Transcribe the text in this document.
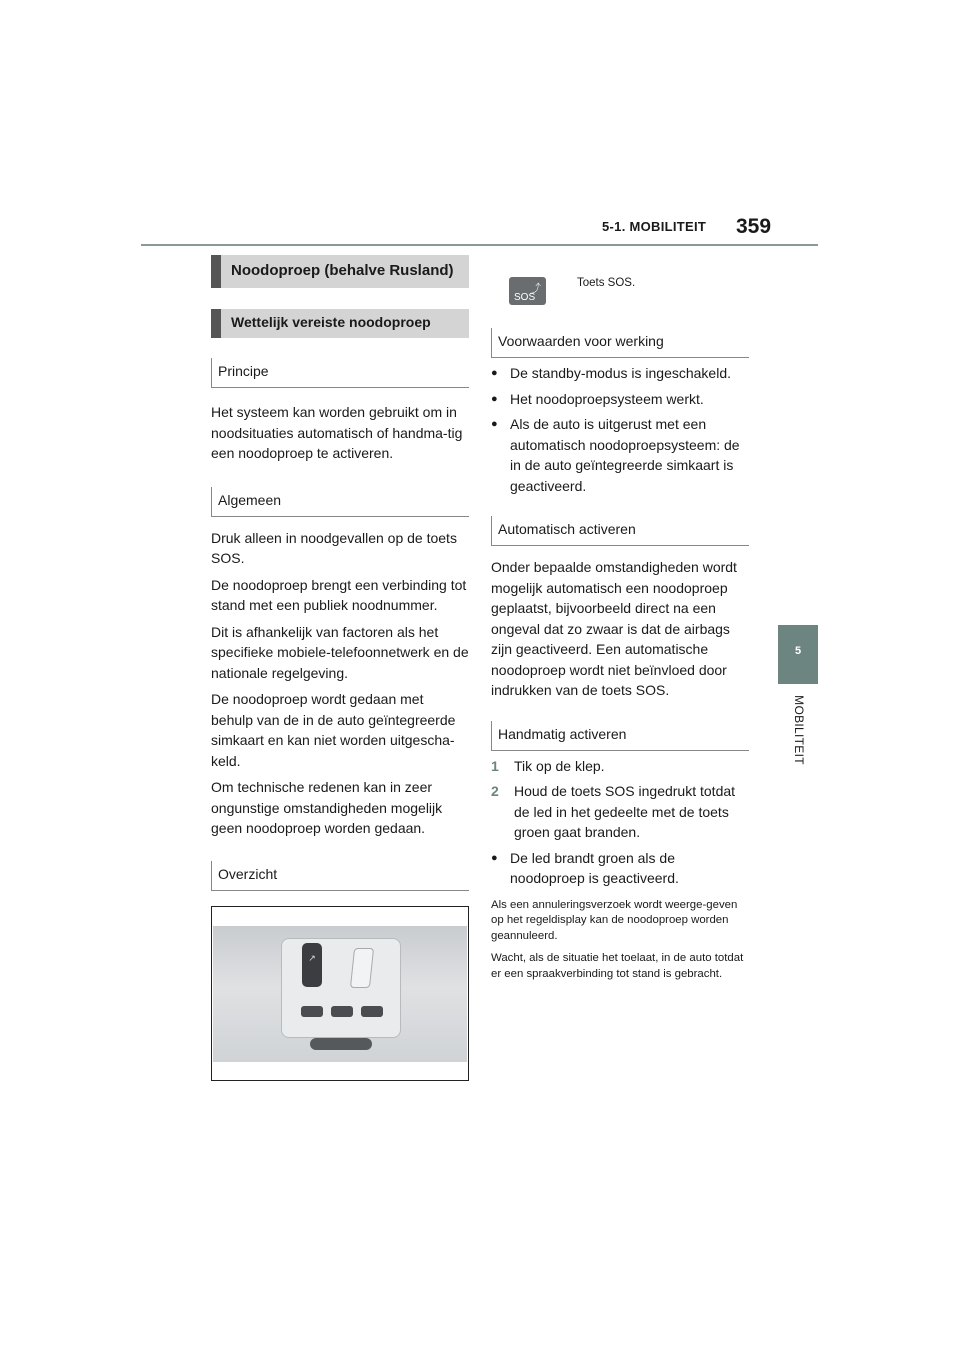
5-1. MOBILITEIT 359
5
MOBILITEIT
Noodoproep (behalve Rusland)
Wettelijk vereiste noodoproep
Principe

Het systeem kan worden gebruikt om in noodsituaties automatisch of handma-tig een noodoproep te activeren.

Algemeen

Druk alleen in noodgevallen op de toets SOS.

De noodoproep brengt een verbinding tot stand met een publiek noodnummer.

Dit is afhankelijk van factoren als het specifieke mobiele-telefoonnetwerk en de nationale regelgeving.

De noodoproep wordt gedaan met behulp van de in de auto geïntegreerde simkaart en kan niet worden uitgescha-keld.

Om technische redenen kan in zeer ongunstige omstandigheden mogelijk geen noodoproep worden gedaan.

Overzicht
↗
⤴
SOS
Toets SOS.
Voorwaarden voor werking
● De standby-modus is ingeschakeld.
● Het noodoproepsysteem werkt.
● Als de auto is uitgerust met een automatisch noodoproepsysteem: de in de auto geïntegreerde simkaart is geactiveerd.
Automatisch activeren

Onder bepaalde omstandigheden wordt mogelijk automatisch een noodoproep geplaatst, bijvoorbeeld direct na een ongeval dat zo zwaar is dat de airbags zijn geactiveerd. Een automatische noodoproep wordt niet beïnvloed door indrukken van de toets SOS.

Handmatig activeren
1 Tik op de klep.
2 Houd de toets SOS ingedrukt totdat de led in het gedeelte met de toets groen gaat branden.
● De led brandt groen als de noodoproep is geactiveerd.

Als een annuleringsverzoek wordt weerge-geven op het regeldisplay kan de noodoproep worden geannuleerd.

Wacht, als de situatie het toelaat, in de auto totdat er een spraakverbinding tot stand is gebracht.
